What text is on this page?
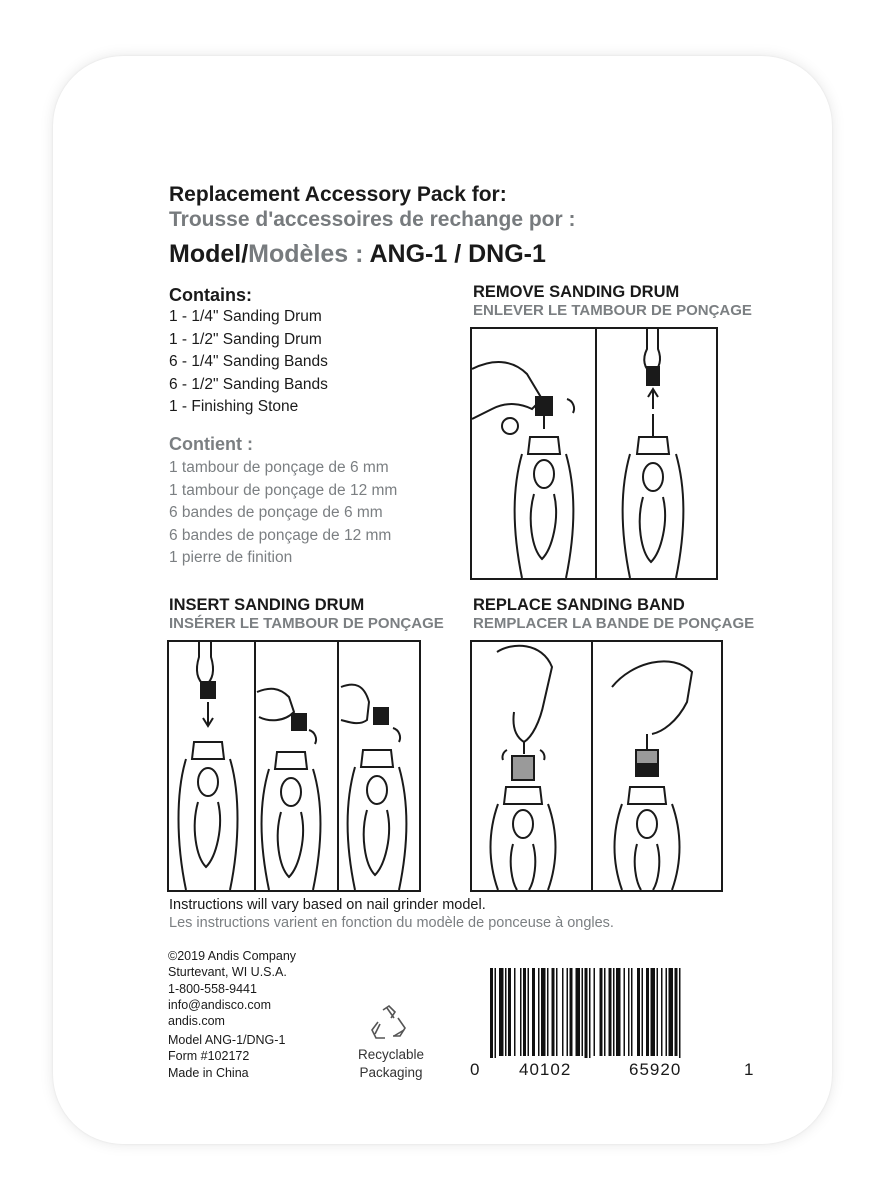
Replacement Accessory Pack for:
Trousse d'accessoires de rechange por :
Model/Modèles : ANG-1 / DNG-1
Contains:
1 - 1/4" Sanding Drum
1 - 1/2" Sanding Drum
6 - 1/4" Sanding Bands
6 - 1/2" Sanding Bands
1 - Finishing Stone
Contient :
1 tambour de ponçage de 6 mm
1 tambour de ponçage de 12 mm
6 bandes de ponçage de 6 mm
6 bandes de ponçage de 12 mm
1 pierre de finition
REMOVE SANDING DRUM
ENLEVER LE TAMBOUR DE PONÇAGE
INSERT SANDING DRUM
INSÉRER LE TAMBOUR DE PONÇAGE
REPLACE SANDING BAND
REMPLACER LA BANDE DE PONÇAGE
Instructions will vary based on nail grinder model.
Les instructions varient en fonction du modèle de ponceuse à ongles.
©2019 Andis Company
Sturtevant, WI U.S.A.
1-800-558-9441
info@andisco.com
andis.com
Model ANG-1/DNG-1
Form #102172
Made in China
Recyclable
Packaging	0 40102	65920	1
